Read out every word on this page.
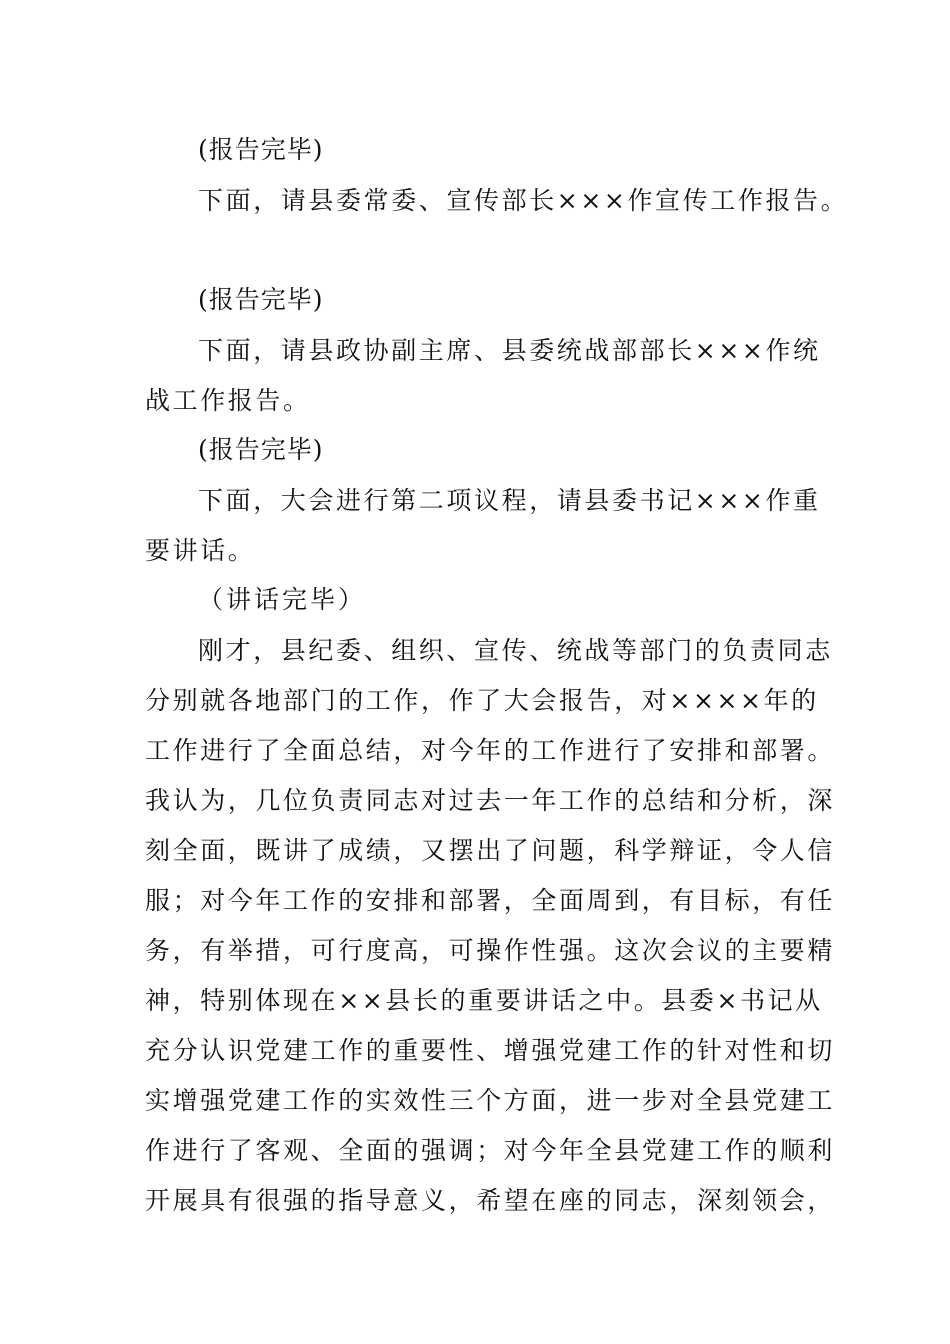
(报告完毕)
下面，请县委常委、宣传部长×××作宣传工作报告。
(报告完毕)
下面，请县政协副主席、县委统战部部长×××作统
战工作报告。
(报告完毕)
下面，大会进行第二项议程，请县委书记×××作重
要讲话。
（讲话完毕）
刚才，县纪委、组织、宣传、统战等部门的负责同志
分别就各地部门的工作，作了大会报告，对××××年的
工作进行了全面总结，对今年的工作进行了安排和部署。
我认为，几位负责同志对过去一年工作的总结和分析，深
刻全面，既讲了成绩，又摆出了问题，科学辩证，令人信
服；对今年工作的安排和部署，全面周到，有目标，有任
务，有举措，可行度高，可操作性强。这次会议的主要精
神，特别体现在××县长的重要讲话之中。县委×书记从
充分认识党建工作的重要性、增强党建工作的针对性和切
实增强党建工作的实效性三个方面，进一步对全县党建工
作进行了客观、全面的强调；对今年全县党建工作的顺利
开展具有很强的指导意义，希望在座的同志，深刻领会，
